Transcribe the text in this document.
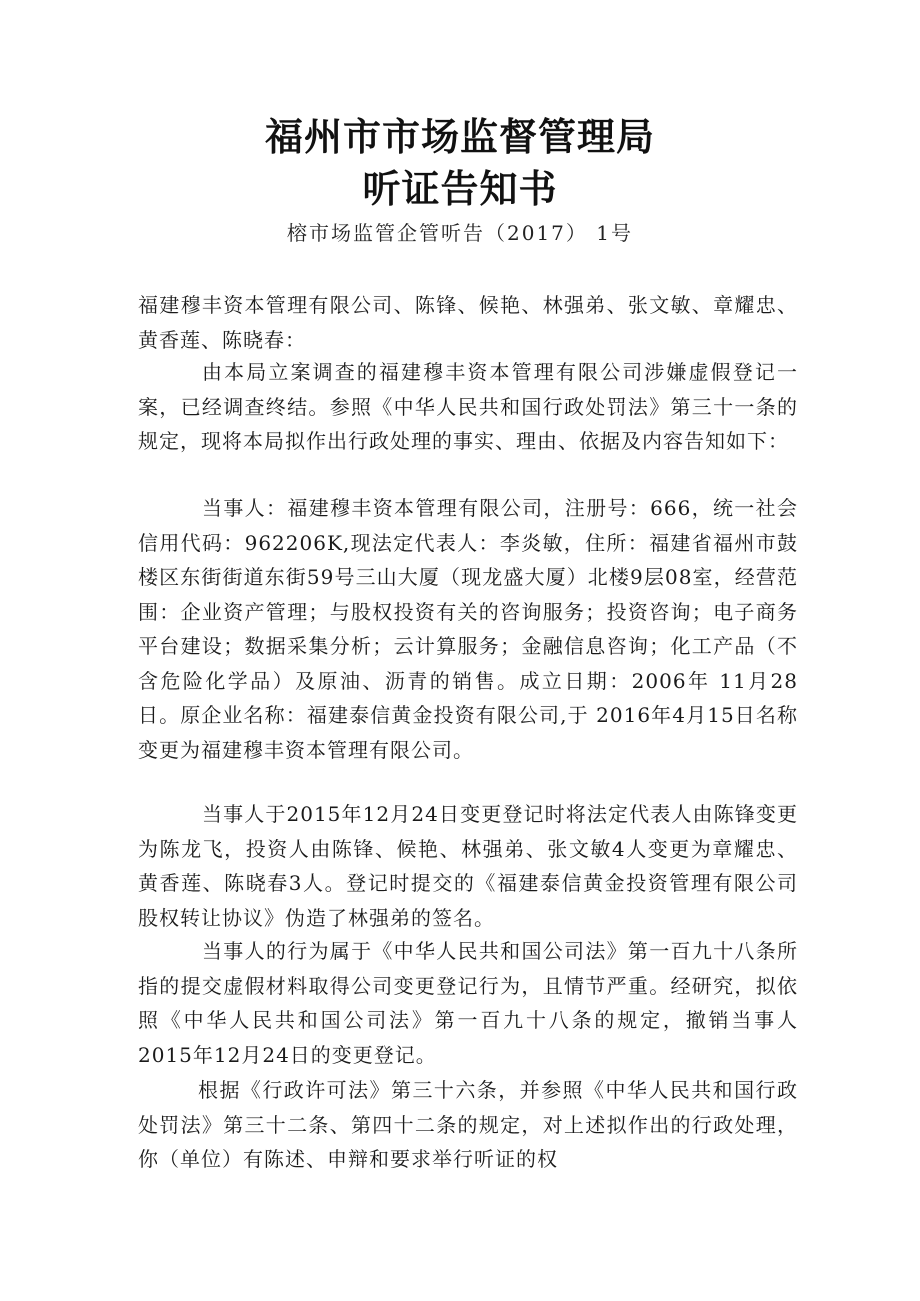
福州市市场监督管理局
听证告知书
榕市场监管企管听告（2017） 1号
福建穆丰资本管理有限公司、陈锋、候艳、林强弟、张文敏、章耀忠、黄香莲、陈晓春：
由本局立案调查的福建穆丰资本管理有限公司涉嫌虚假登记一案，已经调查终结。参照《中华人民共和国行政处罚法》第三十一条的规定，现将本局拟作出行政处理的事实、理由、依据及内容告知如下：
当事人：福建穆丰资本管理有限公司，注册号：666，统一社会信用代码：962206K,现法定代表人：李炎敏，住所：福建省福州市鼓楼区东街街道东街59号三山大厦（现龙盛大厦）北楼9层08室，经营范围：企业资产管理；与股权投资有关的咨询服务；投资咨询；电子商务平台建设；数据采集分析；云计算服务；金融信息咨询；化工产品（不含危险化学品）及原油、沥青的销售。成立日期：2006年 11月28日。原企业名称：福建泰信黄金投资有限公司,于 2016年4月15日名称变更为福建穆丰资本管理有限公司。
当事人于2015年12月24日变更登记时将法定代表人由陈锋变更为陈龙飞，投资人由陈锋、候艳、林强弟、张文敏4人变更为章耀忠、黄香莲、陈晓春3人。登记时提交的《福建泰信黄金投资管理有限公司股权转让协议》伪造了林强弟的签名。
当事人的行为属于《中华人民共和国公司法》第一百九十八条所指的提交虚假材料取得公司变更登记行为，且情节严重。经研究，拟依照《中华人民共和国公司法》第一百九十八条的规定，撤销当事人2015年12月24日的变更登记。
根据《行政许可法》第三十六条，并参照《中华人民共和国行政处罚法》第三十二条、第四十二条的规定，对上述拟作出的行政处理，你（单位）有陈述、申辩和要求举行听证的权
